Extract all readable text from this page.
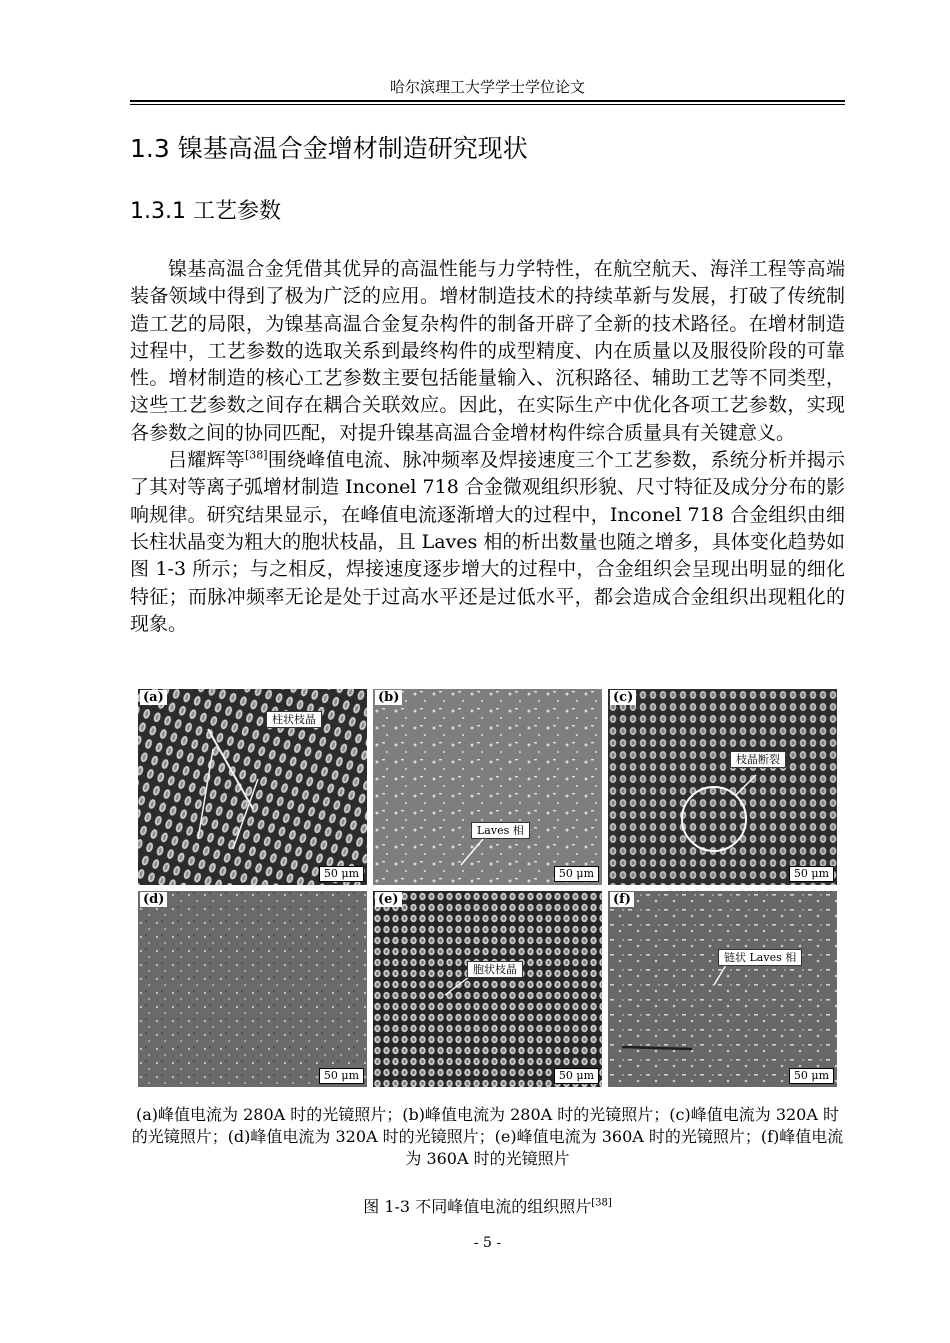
哈尔滨理工大学学士学位论文
1.3 镍基高温合金增材制造研究现状
1.3.1 工艺参数

镍基高温合金凭借其优异的高温性能与力学特性，在航空航天、海洋工程等高端装备领域中得到了极为广泛的应用。增材制造技术的持续革新与发展，打破了传统制造工艺的局限，为镍基高温合金复杂构件的制备开辟了全新的技术路径。在增材制造过程中，工艺参数的选取关系到最终构件的成型精度、内在质量以及服役阶段的可靠性。增材制造的核心工艺参数主要包括能量输入、沉积路径、辅助工艺等不同类型，这些工艺参数之间存在耦合关联效应。因此，在实际生产中优化各项工艺参数，实现各参数之间的协同匹配，对提升镍基高温合金增材构件综合质量具有关键意义。

吕耀辉等[38]围绕峰值电流、脉冲频率及焊接速度三个工艺参数，系统分析并揭示了其对等离子弧增材制造 Inconel 718 合金微观组织形貌、尺寸特征及成分分布的影响规律。研究结果显示，在峰值电流逐渐增大的过程中，Inconel 718 合金组织由细长柱状晶变为粗大的胞状枝晶，且 Laves 相的析出数量也随之增多，具体变化趋势如图 1-3 所示；与之相反，焊接速度逐步增大的过程中，合金组织会呈现出明显的细化特征；而脉冲频率无论是处于过高水平还是过低水平，都会造成合金组织出现粗化的现象。

(a)
柱状枝晶
50 μm
(b)
Laves 相
50 μm
(c)
枝晶断裂
50 μm
(d)
50 μm
(e)
胞状枝晶
50 μm
(f)
链状 Laves 相
50 μm
(a)峰值电流为 280A 时的光镜照片；(b)峰值电流为 280A 时的光镜照片；(c)峰值电流为 320A 时的光镜照片；(d)峰值电流为 320A 时的光镜照片；(e)峰值电流为 360A 时的光镜照片；(f)峰值电流为 360A 时的光镜照片
图 1-3 不同峰值电流的组织照片[38]
- 5 -
